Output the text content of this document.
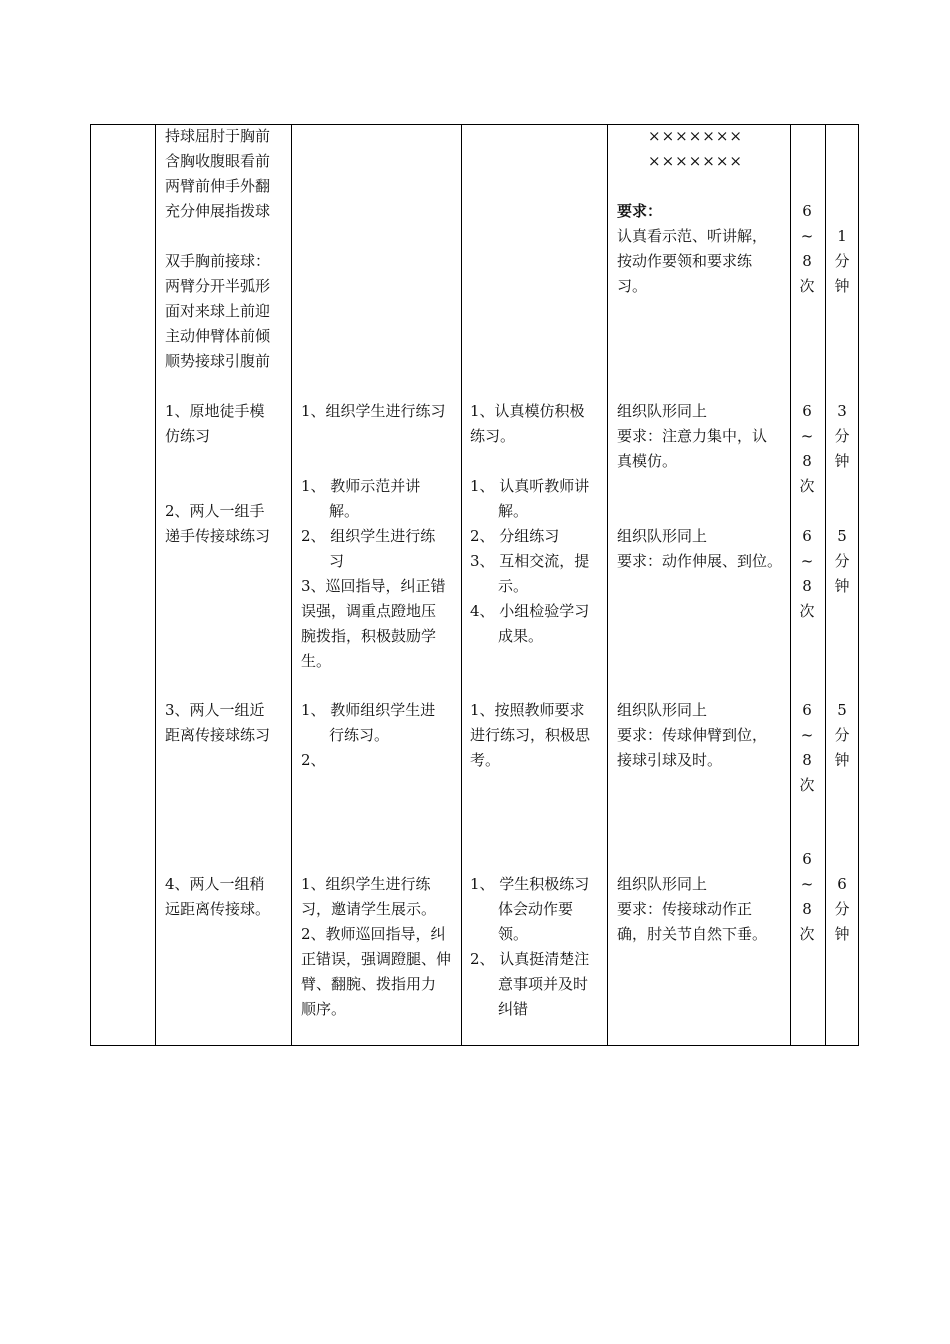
持球屈肘于胸前
含胸收腹眼看前
两臂前伸手外翻
充分伸展指拨球
双手胸前接球：
两臂分开半弧形
面对来球上前迎
主动伸臂体前倾
顺势接球引腹前
1、原地徒手模
仿练习
2、两人一组手
递手传接球练习
3、两人一组近
距离传接球练习
4、两人一组稍
远距离传接球。
1、组织学生进行练习
1、 教师示范并讲
解。
2、 组织学生进行练
习
3、巡回指导，纠正错
误强，调重点蹬地压
腕拨指，积极鼓励学
生。
1、 教师组织学生进
行练习。
2、
1、组织学生进行练
习，邀请学生展示。
2、教师巡回指导，纠
正错误，强调蹬腿、伸
臂、翻腕、拨指用力
顺序。
1、认真模仿积极
练习。
1、 认真听教师讲
解。
2、 分组练习
3、 互相交流，提
示。
4、 小组检验学习
成果。
1、按照教师要求
进行练习，积极思
考。
1、 学生积极练习
体会动作要
领。
2、 认真挺清楚注
意事项并及时
纠错
×××××××
×××××××
要求：
认真看示范、听讲解，
按动作要领和要求练
习。
组织队形同上
要求：注意力集中，认
真模仿。
组织队形同上
要求：动作伸展、到位。
组织队形同上
要求：传球伸臂到位，
接球引球及时。
组织队形同上
要求：传接球动作正
确，肘关节自然下垂。
6
~
8
次
6
~
8
次
6
~
8
次
6
~
8
次
6
~
8
次
1
分
钟
3
分
钟
5
分
钟
5
分
钟
6
分
钟
